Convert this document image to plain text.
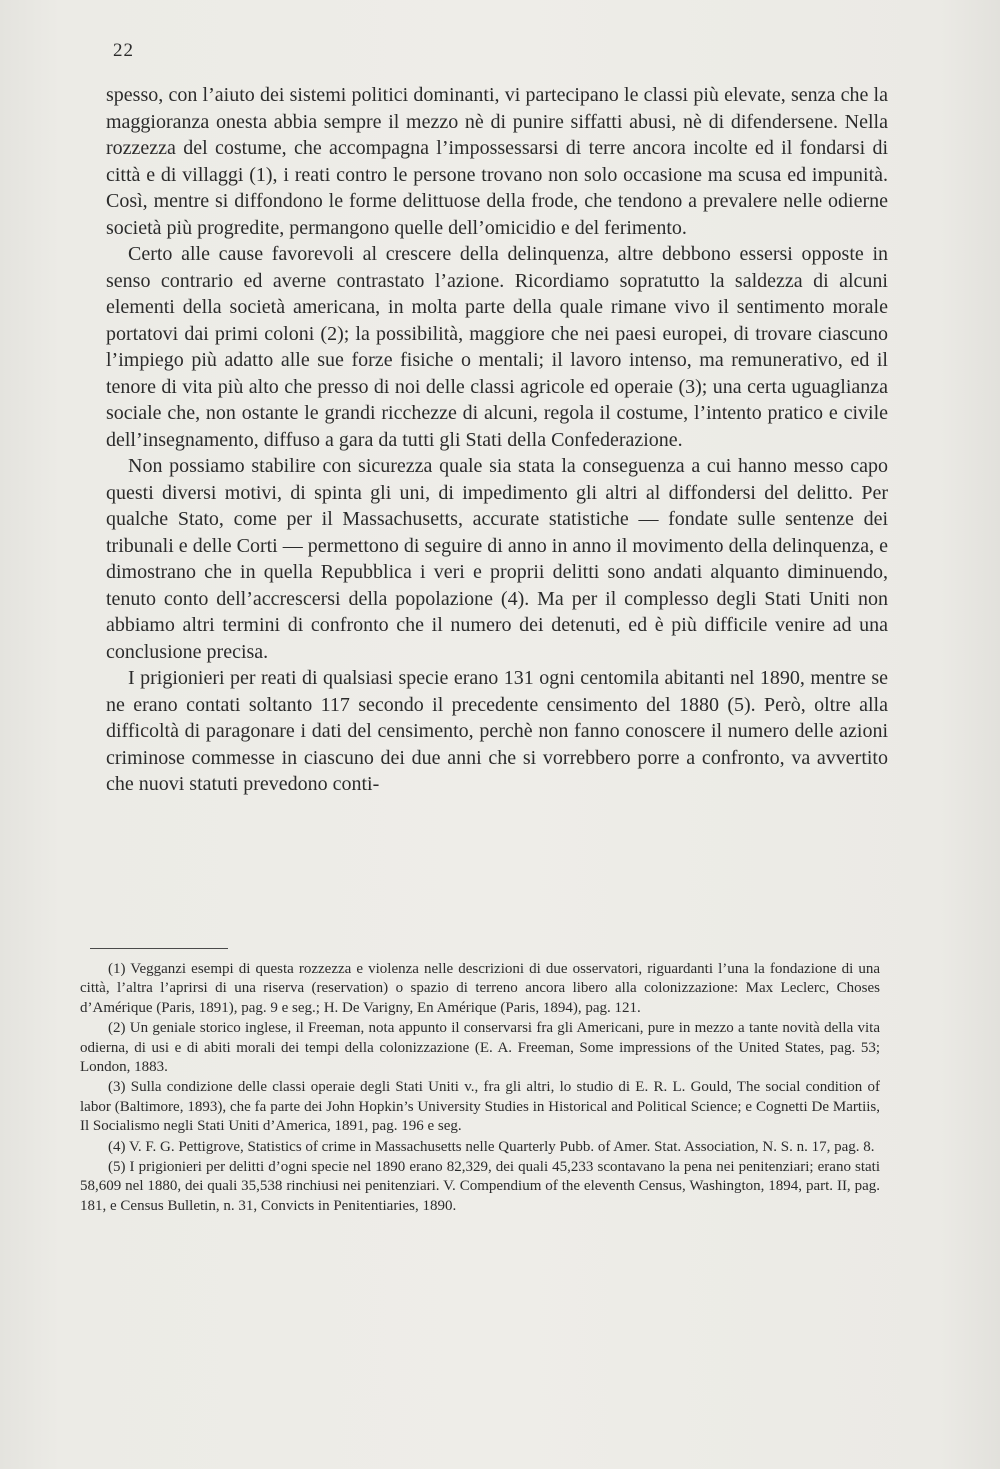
22

spesso, con l’aiuto dei sistemi politici dominanti, vi partecipano le classi più elevate, senza che la maggioranza onesta abbia sempre il mezzo nè di punire siffatti abusi, nè di difendersene. Nella rozzezza del costume, che accompagna l’impossessarsi di terre ancora incolte ed il fondarsi di città e di villaggi (1), i reati contro le persone trovano non solo occasione ma scusa ed impunità. Così, mentre si diffondono le forme delittuose della frode, che tendono a prevalere nelle odierne società più progredite, permangono quelle dell’omicidio e del ferimento.

Certo alle cause favorevoli al crescere della delinquenza, altre debbono essersi opposte in senso contrario ed averne contrastato l’azione. Ricordiamo sopratutto la saldezza di alcuni elementi della società americana, in molta parte della quale rimane vivo il sentimento morale portatovi dai primi coloni (2); la possibilità, maggiore che nei paesi europei, di trovare ciascuno l’impiego più adatto alle sue forze fisiche o mentali; il lavoro intenso, ma remunerativo, ed il tenore di vita più alto che presso di noi delle classi agricole ed operaie (3); una certa uguaglianza sociale che, non ostante le grandi ricchezze di alcuni, regola il costume, l’intento pratico e civile dell’insegnamento, diffuso a gara da tutti gli Stati della Confederazione.

Non possiamo stabilire con sicurezza quale sia stata la conseguenza a cui hanno messo capo questi diversi motivi, di spinta gli uni, di impedimento gli altri al diffondersi del delitto. Per qualche Stato, come per il Massachusetts, accurate statistiche — fondate sulle sentenze dei tribunali e delle Corti — permettono di seguire di anno in anno il movimento della delinquenza, e dimostrano che in quella Repubblica i veri e proprii delitti sono andati alquanto diminuendo, tenuto conto dell’accrescersi della popolazione (4). Ma per il complesso degli Stati Uniti non abbiamo altri termini di confronto che il numero dei detenuti, ed è più difficile venire ad una conclusione precisa.

I prigionieri per reati di qualsiasi specie erano 131 ogni centomila abitanti nel 1890, mentre se ne erano contati soltanto 117 secondo il precedente censimento del 1880 (5). Però, oltre alla difficoltà di paragonare i dati del censimento, perchè non fanno conoscere il numero delle azioni criminose commesse in ciascuno dei due anni che si vorrebbero porre a confronto, va avvertito che nuovi statuti prevedono conti-

(1) Vegganzi esempi di questa rozzezza e violenza nelle descrizioni di due osservatori, riguardanti l’una la fondazione di una città, l’altra l’aprirsi di una riserva (reservation) o spazio di terreno ancora libero alla colonizzazione: Max Leclerc, Choses d’Amérique (Paris, 1891), pag. 9 e seg.; H. De Varigny, En Amérique (Paris, 1894), pag. 121.

(2) Un geniale storico inglese, il Freeman, nota appunto il conservarsi fra gli Americani, pure in mezzo a tante novità della vita odierna, di usi e di abiti morali dei tempi della colonizzazione (E. A. Freeman, Some impressions of the United States, pag. 53; London, 1883.

(3) Sulla condizione delle classi operaie degli Stati Uniti v., fra gli altri, lo studio di E. R. L. Gould, The social condition of labor (Baltimore, 1893), che fa parte dei John Hopkin’s University Studies in Historical and Political Science; e Cognetti De Martiis, Il Socialismo negli Stati Uniti d’America, 1891, pag. 196 e seg.

(4) V. F. G. Pettigrove, Statistics of crime in Massachusetts nelle Quarterly Pubb. of Amer. Stat. Association, N. S. n. 17, pag. 8.

(5) I prigionieri per delitti d’ogni specie nel 1890 erano 82,329, dei quali 45,233 scontavano la pena nei penitenziari; erano stati 58,609 nel 1880, dei quali 35,538 rinchiusi nei penitenziari. V. Compendium of the eleventh Census, Washington, 1894, part. II, pag. 181, e Census Bulletin, n. 31, Convicts in Penitentiaries, 1890.
